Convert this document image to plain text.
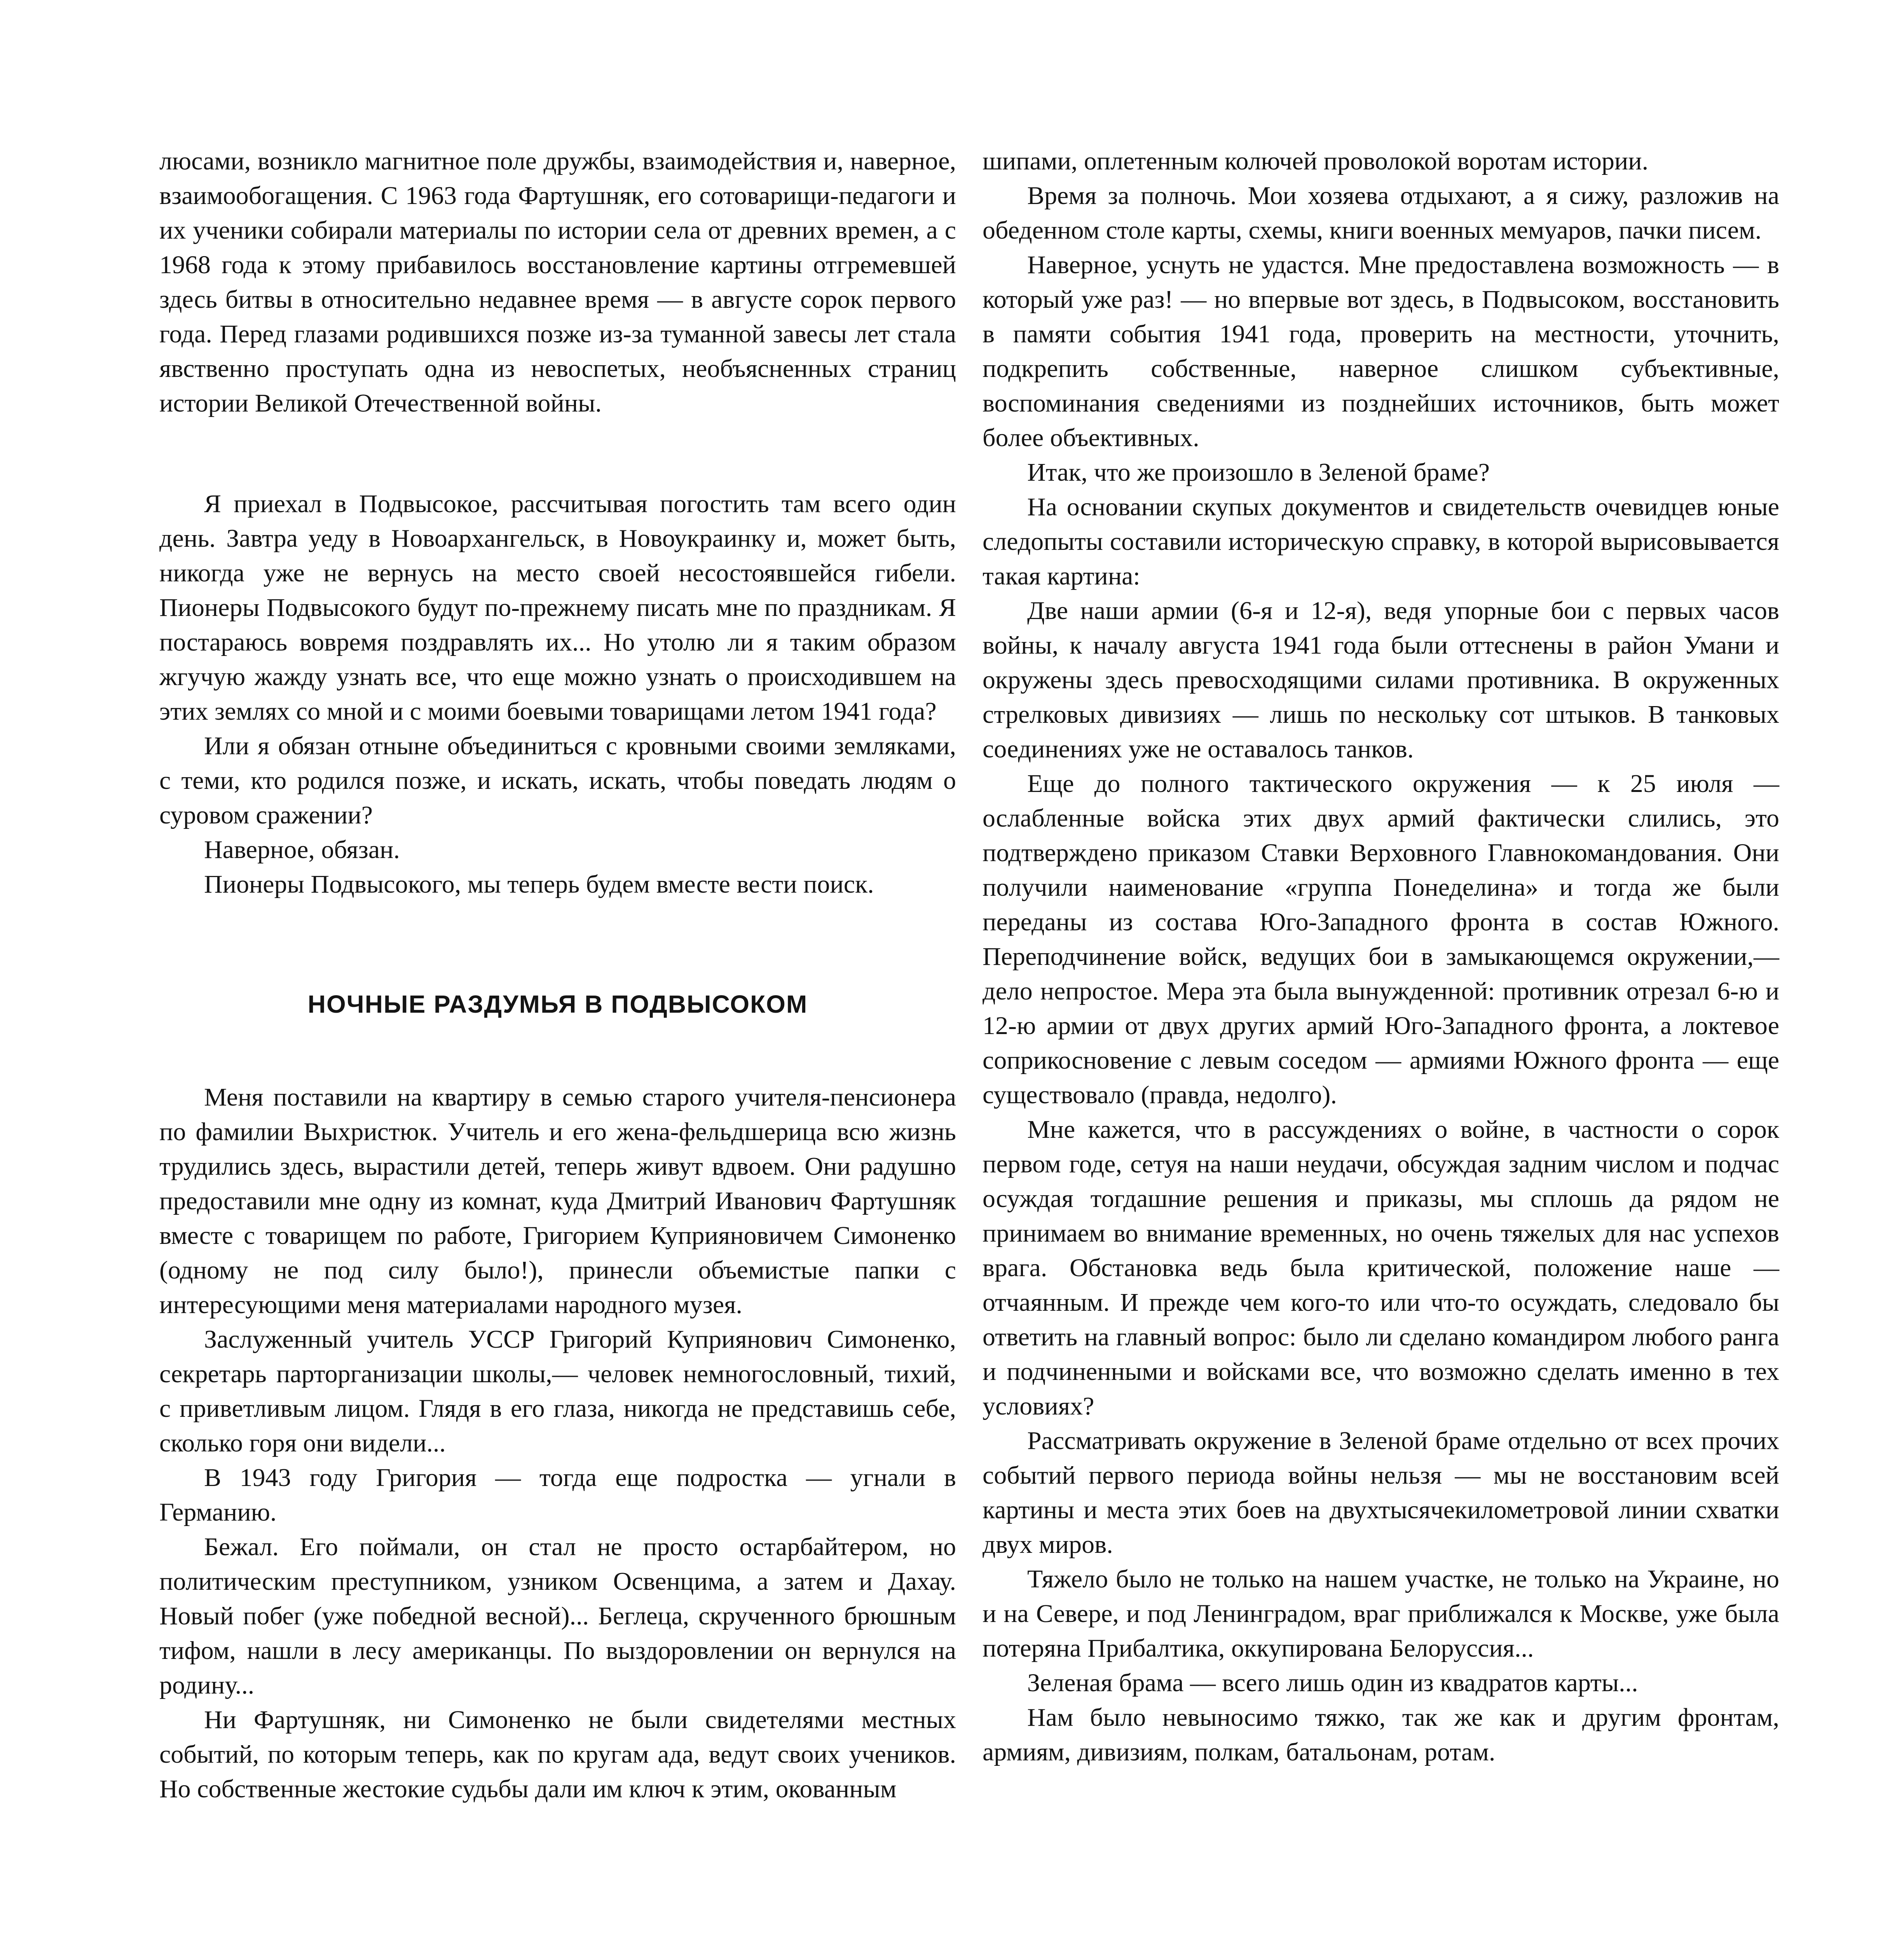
люсами, возникло магнитное поле дружбы, взаимодействия и, наверное, взаимообогащения. С 1963 года Фартушняк, его сотоварищи-педагоги и их ученики собирали материалы по истории села от древних времен, а с 1968 года к этому прибавилось восстановление картины отгремевшей здесь битвы в относительно недавнее время — в августе сорок первого года. Перед глазами родившихся позже из-за туманной завесы лет стала явственно проступать одна из невоспетых, необъясненных страниц истории Великой Отечественной войны.

Я приехал в Подвысокое, рассчитывая погостить там всего один день. Завтра уеду в Новоархангельск, в Новоукраинку и, может быть, никогда уже не вернусь на место своей несостоявшейся гибели. Пионеры Подвысокого будут по-прежнему писать мне по праздникам. Я постараюсь вовремя поздравлять их... Но утолю ли я таким образом жгучую жажду узнать все, что еще можно узнать о происходившем на этих землях со мной и с моими боевыми товарищами летом 1941 года?

Или я обязан отныне объединиться с кровными своими земляками, с теми, кто родился позже, и искать, искать, чтобы поведать людям о суровом сражении?

Наверное, обязан.

Пионеры Подвысокого, мы теперь будем вместе вести поиск.

НОЧНЫЕ РАЗДУМЬЯ В ПОДВЫСОКОМ

Меня поставили на квартиру в семью старого учителя-пенсионера по фамилии Выхристюк. Учитель и его жена-фельдшерица всю жизнь трудились здесь, вырастили детей, теперь живут вдвоем. Они радушно предоставили мне одну из комнат, куда Дмитрий Иванович Фартушняк вместе с товарищем по работе, Григорием Куприяновичем Симоненко (одному не под силу было!), принесли объемистые папки с интересующими меня материалами народного музея.

Заслуженный учитель УССР Григорий Куприянович Симоненко, секретарь парторганизации школы,— человек немногословный, тихий, с приветливым лицом. Глядя в его глаза, никогда не представишь себе, сколько горя они видели...

В 1943 году Григория — тогда еще подростка — угнали в Германию.

Бежал. Его поймали, он стал не просто остарбайтером, но политическим преступником, узником Освенцима, а затем и Дахау. Новый побег (уже победной весной)... Беглеца, скрученного брюшным тифом, нашли в лесу американцы. По выздоровлении он вернулся на родину...

Ни Фартушняк, ни Симоненко не были свидетелями местных событий, по которым теперь, как по кругам ада, ведут своих учеников. Но собственные жестокие судьбы дали им ключ к этим, окованным

шипами, оплетенным колючей проволокой воротам истории.

Время за полночь. Мои хозяева отдыхают, а я сижу, разложив на обеденном столе карты, схемы, книги военных мемуаров, пачки писем.

Наверное, уснуть не удастся. Мне предоставлена возможность — в который уже раз! — но впервые вот здесь, в Подвысоком, восстановить в памяти события 1941 года, проверить на местности, уточнить, подкрепить собственные, наверное слишком субъективные, воспоминания сведениями из позднейших источников, быть может более объективных.

Итак, что же произошло в Зеленой браме?

На основании скупых документов и свидетельств очевидцев юные следопыты составили историческую справку, в которой вырисовывается такая картина:

Две наши армии (6-я и 12-я), ведя упорные бои с первых часов войны, к началу августа 1941 года были оттеснены в район Умани и окружены здесь превосходящими силами противника. В окруженных стрелковых дивизиях — лишь по нескольку сот штыков. В танковых соединениях уже не оставалось танков.

Еще до полного тактического окружения — к 25 июля — ослабленные войска этих двух армий фактически слились, это подтверждено приказом Ставки Верховного Главнокомандования. Они получили наименование «группа Понеделина» и тогда же были переданы из состава Юго-Западного фронта в состав Южного. Переподчинение войск, ведущих бои в замыкающемся окружении,— дело непростое. Мера эта была вынужденной: противник отрезал 6-ю и 12-ю армии от двух других армий Юго-Западного фронта, а локтевое соприкосновение с левым соседом — армиями Южного фронта — еще существовало (правда, недолго).

Мне кажется, что в рассуждениях о войне, в частности о сорок первом годе, сетуя на наши неудачи, обсуждая задним числом и подчас осуждая тогдашние решения и приказы, мы сплошь да рядом не принимаем во внимание временных, но очень тяжелых для нас успехов врага. Обстановка ведь была критической, положение наше — отчаянным. И прежде чем кого-то или что-то осуждать, следовало бы ответить на главный вопрос: было ли сделано командиром любого ранга и подчиненными и войсками все, что возможно сделать именно в тех условиях?

Рассматривать окружение в Зеленой браме отдельно от всех прочих событий первого периода войны нельзя — мы не восстановим всей картины и места этих боев на двухтысячекилометровой линии схватки двух миров.

Тяжело было не только на нашем участке, не только на Украине, но и на Севере, и под Ленинградом, враг приближался к Москве, уже была потеряна Прибалтика, оккупирована Белоруссия...

Зеленая брама — всего лишь один из квадратов карты...

Нам было невыносимо тяжко, так же как и другим фронтам, армиям, дивизиям, полкам, батальонам, ротам.
